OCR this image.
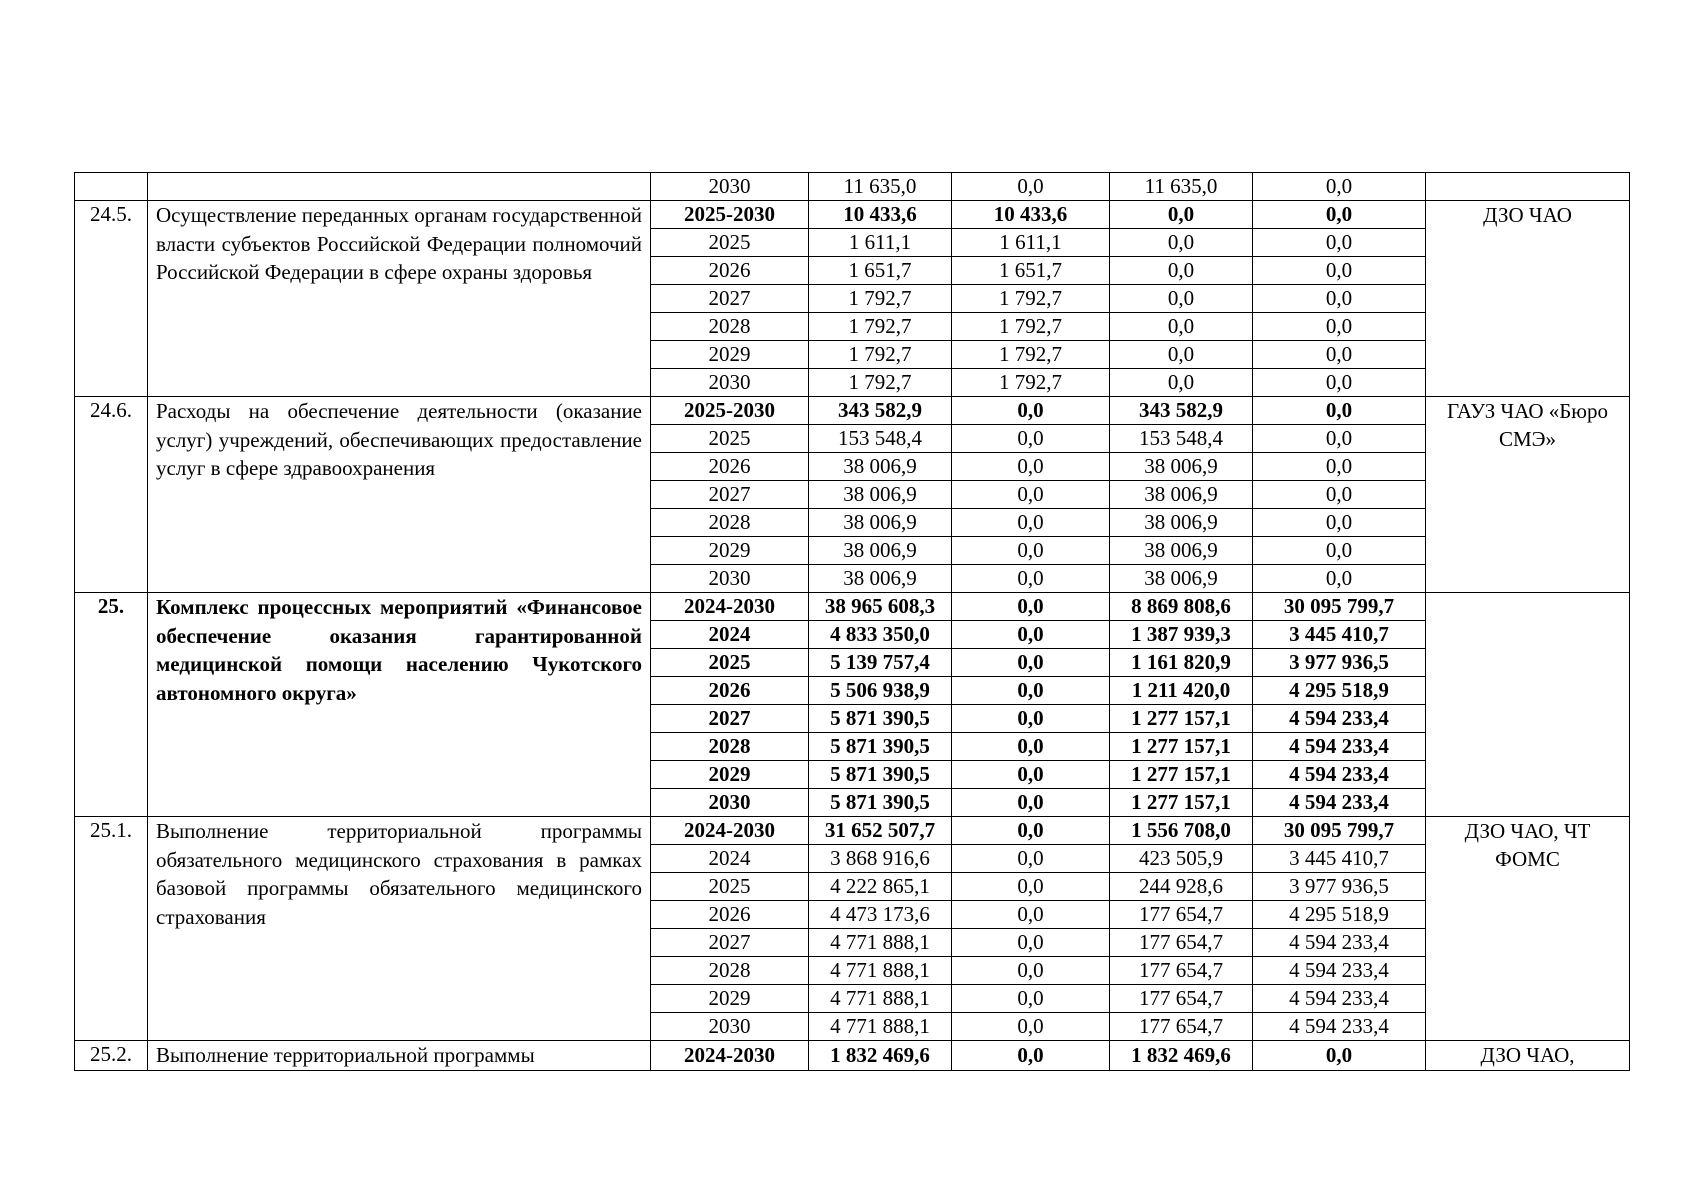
		2030	11 635,0	0,0	11 635,0	0,0	
24.5.	Осуществление переданных органам государственной власти субъектов Российской Федерации полномочий Российской Федерации в сфере охраны здоровья	2025-2030	10 433,6	10 433,6	0,0	0,0	ДЗО ЧАО
		2025	1 611,1	1 611,1	0,0	0,0	
		2026	1 651,7	1 651,7	0,0	0,0	
		2027	1 792,7	1 792,7	0,0	0,0	
		2028	1 792,7	1 792,7	0,0	0,0	
		2029	1 792,7	1 792,7	0,0	0,0	
		2030	1 792,7	1 792,7	0,0	0,0	
24.6.	Расходы на обеспечение деятельности (оказание услуг) учреждений, обеспечивающих предоставление услуг в сфере здравоохранения	2025-2030	343 582,9	0,0	343 582,9	0,0	ГАУЗ ЧАО «Бюро СМЭ»
		2025	153 548,4	0,0	153 548,4	0,0	
		2026	38 006,9	0,0	38 006,9	0,0	
		2027	38 006,9	0,0	38 006,9	0,0	
		2028	38 006,9	0,0	38 006,9	0,0	
		2029	38 006,9	0,0	38 006,9	0,0	
		2030	38 006,9	0,0	38 006,9	0,0	
25.	Комплекс процессных мероприятий «Финансовое обеспечение оказания гарантированной медицинской помощи населению Чукотского автономного округа»	2024-2030	38 965 608,3	0,0	8 869 808,6	30 095 799,7	
		2024	4 833 350,0	0,0	1 387 939,3	3 445 410,7	
		2025	5 139 757,4	0,0	1 161 820,9	3 977 936,5	
		2026	5 506 938,9	0,0	1 211 420,0	4 295 518,9	
		2027	5 871 390,5	0,0	1 277 157,1	4 594 233,4	
		2028	5 871 390,5	0,0	1 277 157,1	4 594 233,4	
		2029	5 871 390,5	0,0	1 277 157,1	4 594 233,4	
		2030	5 871 390,5	0,0	1 277 157,1	4 594 233,4	
25.1.	Выполнение территориальной программы обязательного медицинского страхования в рамках базовой программы обязательного медицинского страхования	2024-2030	31 652 507,7	0,0	1 556 708,0	30 095 799,7	ДЗО ЧАО, ЧТ ФОМС
		2024	3 868 916,6	0,0	423 505,9	3 445 410,7	
		2025	4 222 865,1	0,0	244 928,6	3 977 936,5	
		2026	4 473 173,6	0,0	177 654,7	4 295 518,9	
		2027	4 771 888,1	0,0	177 654,7	4 594 233,4	
		2028	4 771 888,1	0,0	177 654,7	4 594 233,4	
		2029	4 771 888,1	0,0	177 654,7	4 594 233,4	
		2030	4 771 888,1	0,0	177 654,7	4 594 233,4	
25.2.	Выполнение территориальной программы	2024-2030	1 832 469,6	0,0	1 832 469,6	0,0	ДЗО ЧАО,
